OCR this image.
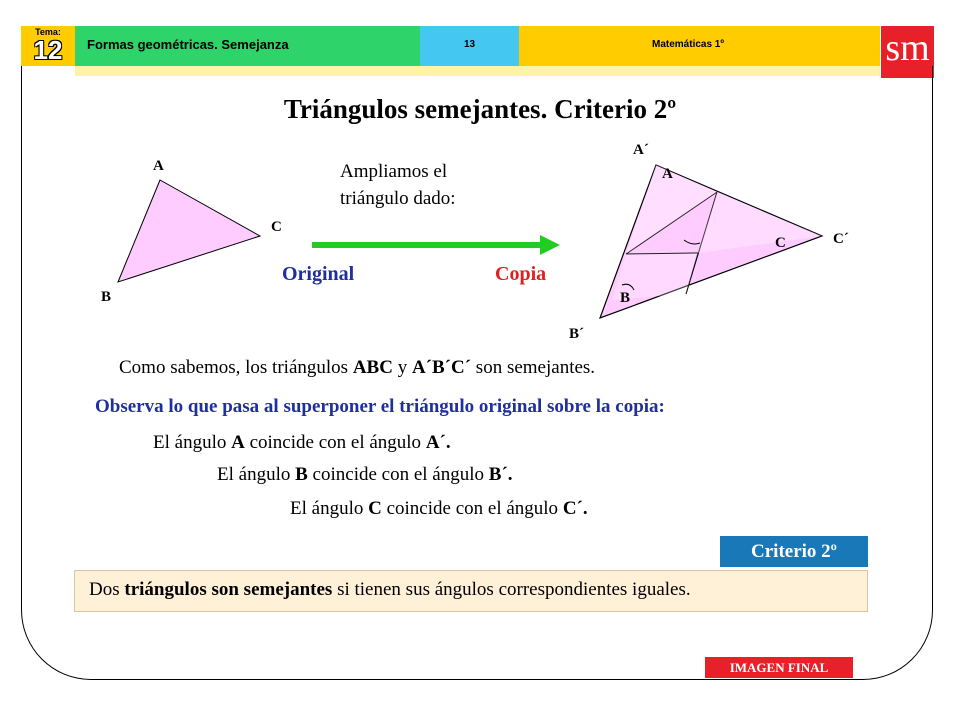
Tema:
12	Formas geométricas. Semejanza	13	Matemáticas 1º	sm
Triángulos semejantes. Criterio 2º
A
C
B
Ampliamos el
triángulo dado:
Original	Copia
A´
A
C	C´
B
B´
Como sabemos, los triángulos ABC y A´B´C´ son semejantes.
Observa lo que pasa al superponer el triángulo original sobre la copia:
El ángulo A coincide con el ángulo A´.
El ángulo B coincide con el ángulo B´.
El ángulo C coincide con el ángulo C´.
Criterio 2º
Dos triángulos son semejantes si tienen sus ángulos correspondientes iguales.
IMAGEN FINAL
